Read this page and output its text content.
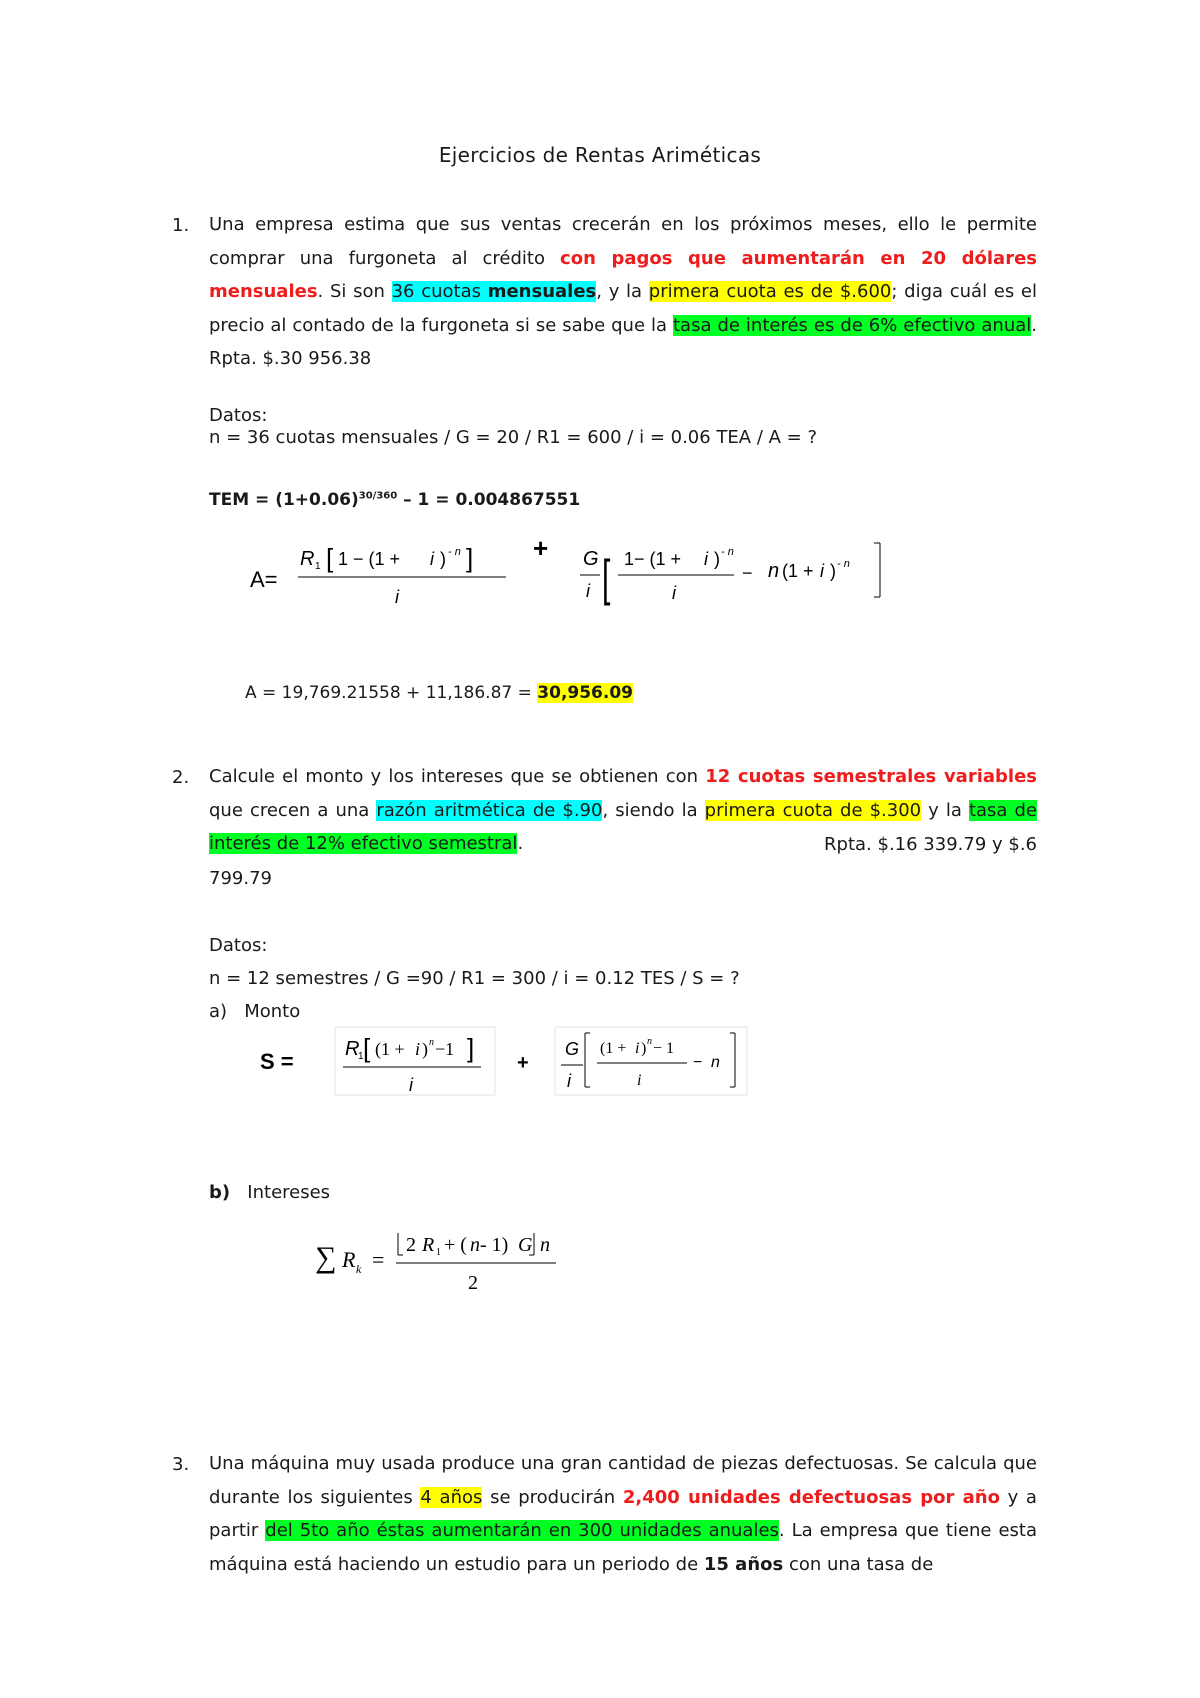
Ejercicios de Rentas Ariméticas
1.	Una empresa estima que sus ventas crecerán en los próximos meses, ello le permite comprar una furgoneta al crédito con pagos que aumentarán en 20 dólares mensuales. Si son 36 cuotas mensuales, y la primera cuota es de $.600; diga cuál es el precio al contado de la furgoneta si se sabe que la tasa de interés es de 6% efectivo anual. Rpta. $.30 956.38
Datos:
n = 36 cuotas mensuales / G = 20 / R1 = 600 / i = 0.06 TEA / A = ?
TEM = $(1+0.06)^{30/360} - 1 = 0.004867551$
A=
R 1 [ 1 − (1 + i ) - n ]
i
+ G
i [ 1− (1 + i ) - n
i
− n (1 + i ) - n
A = 19,769.21558 + 11,186.87 = 30,956.09
2.	Calcule el monto y los intereses que se obtienen con 12 cuotas semestrales variables que crecen a una razón aritmética de $.90, siendo la primera cuota de $.300 y la tasa de interés de 12% efectivo semestral.	Rpta. $.16 339.79 y $.6
799.79
Datos:
n = 12 semestres / G =90 / R1 = 300 / i = 0.12 TES / S = ?
a) Monto
S =	R
1 [ (1 + i ) n −1 ]
i
+
G
i
(1 + i ) n − 1
i
− n
b) Intereses
∑ R k =
2 R 1 + ( n - 1) G n
2
3.	Una máquina muy usada produce una gran cantidad de piezas defectuosas. Se calcula que durante los siguientes 4 años se producirán 2,400 unidades defectuosas por año y a partir del 5to año éstas aumentarán en 300 unidades anuales. La empresa que tiene esta máquina está haciendo un estudio para un periodo de 15 años con una tasa de
